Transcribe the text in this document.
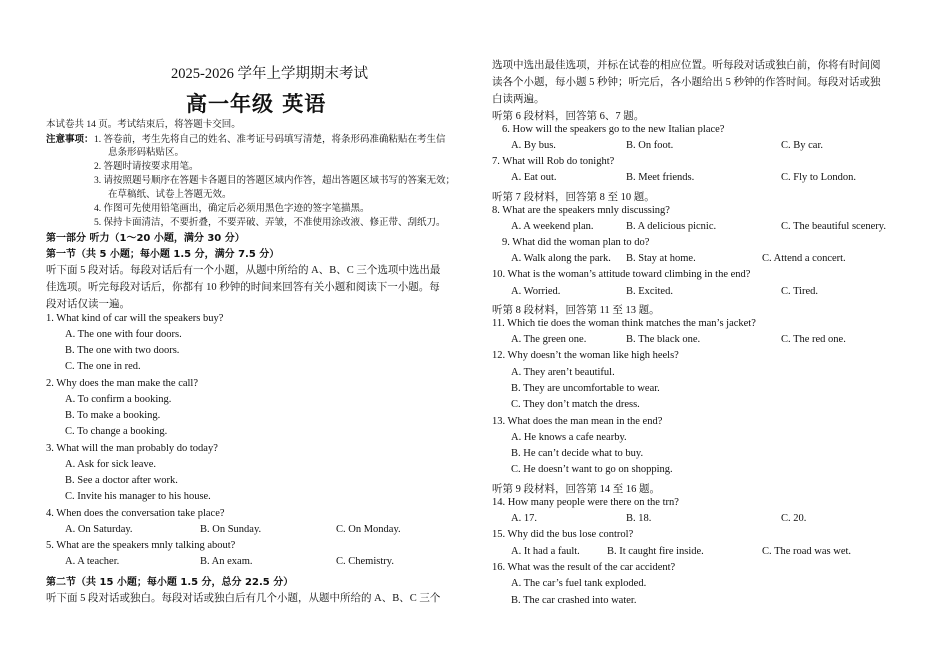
2025-2026 学年上学期期末考试
高一年级 英语
本试卷共 14 页。考试结束后，将答题卡交回。
注意事项： 1. 答卷前，考生先将自己的姓名、准考证号码填写清楚，将条形码准确粘贴在考生信
息条形码粘贴区。
2. 答题时请按要求用笔。
3. 请按照题号顺序在答题卡各题目的答题区域内作答，超出答题区域书写的答案无效；
在草稿纸、试卷上答题无效。
4. 作图可先使用铅笔画出，确定后必须用黑色字迹的签字笔描黑。
5. 保持卡面清洁，不要折叠，不要弄破、弄皱，不准使用涂改液、修正带、刮纸刀。
第一部分 听力（1～20 小题，满分 30 分）
第一节（共 5 小题；每小题 1.5 分，满分 7.5 分）
听下面 5 段对话。每段对话后有一个小题，从题中所给的 A、B、C 三个选项中选出最
佳选项。听完每段对话后，你都有 10 秒钟的时间来回答有关小题和阅读下一小题。每
段对话仅读一遍。
1. What kind of car will the speakers buy?
A. The one with four doors.
B. The one with two doors.
C. The one in red.
2. Why does the man make the call?
A. To confirm a booking.
B. To make a booking.
C. To change a booking.
3. What will the man probably do today?
A. Ask for sick leave.
B. See a doctor after work.
C. Invite his manager to his house.
4. When does the conversation take place?
A. On Saturday.	B. On Sunday.	C. On Monday.
5. What are the speakers mnly talking about?
A. A teacher.	B. An exam.	C. Chemistry.
第二节（共 15 小题；每小题 1.5 分，总分 22.5 分）
听下面 5 段对话或独白。每段对话或独白后有几个小题，从题中所给的 A、B、C 三个
选项中选出最佳选项，并标在试卷的相应位置。听每段对话或独白前，你将有时间阅
读各个小题，每小题 5 秒钟；听完后，各小题给出 5 秒钟的作答时间。每段对话或独
白读两遍。
听第 6 段材料，回答第 6、7 题。
6. How will the speakers go to the new Italian place?
A. By bus.	B. On foot.	C. By car.
7. What will Rob do tonight?
A. Eat out.	B. Meet friends.	C. Fly to London.
听第 7 段材料，回答第 8 至 10 题。
8. What are the speakers mnly discussing?
A. A weekend plan.	B. A delicious picnic.	C. The beautiful scenery.
9. What did the woman plan to do?
A. Walk along the park. B. Stay at home.	C. Attend a concert.
10. What is the woman’s attitude toward climbing in the end?
A. Worried.	B. Excited.	C. Tired.
听第 8 段材料，回答第 11 至 13 题。
11. Which tie does the woman think matches the man’s jacket?
A. The green one.	B. The black one.	C. The red one.
12. Why doesn’t the woman like high heels?
A. They aren’t beautiful.
B. They are uncomfortable to wear.
C. They don’t match the dress.
13. What does the man mean in the end?
A. He knows a cafe nearby.
B. He can’t decide what to buy.
C. He doesn’t want to go on shopping.
听第 9 段材料，回答第 14 至 16 题。
14. How many people were there on the trn?
A. 17.	B. 18.	C. 20.
15. Why did the bus lose control?
A. It had a fault.	B. It caught fire inside.	C. The road was wet.
16. What was the result of the car accident?
A. The car’s fuel tank exploded.
B. The car crashed into water.
